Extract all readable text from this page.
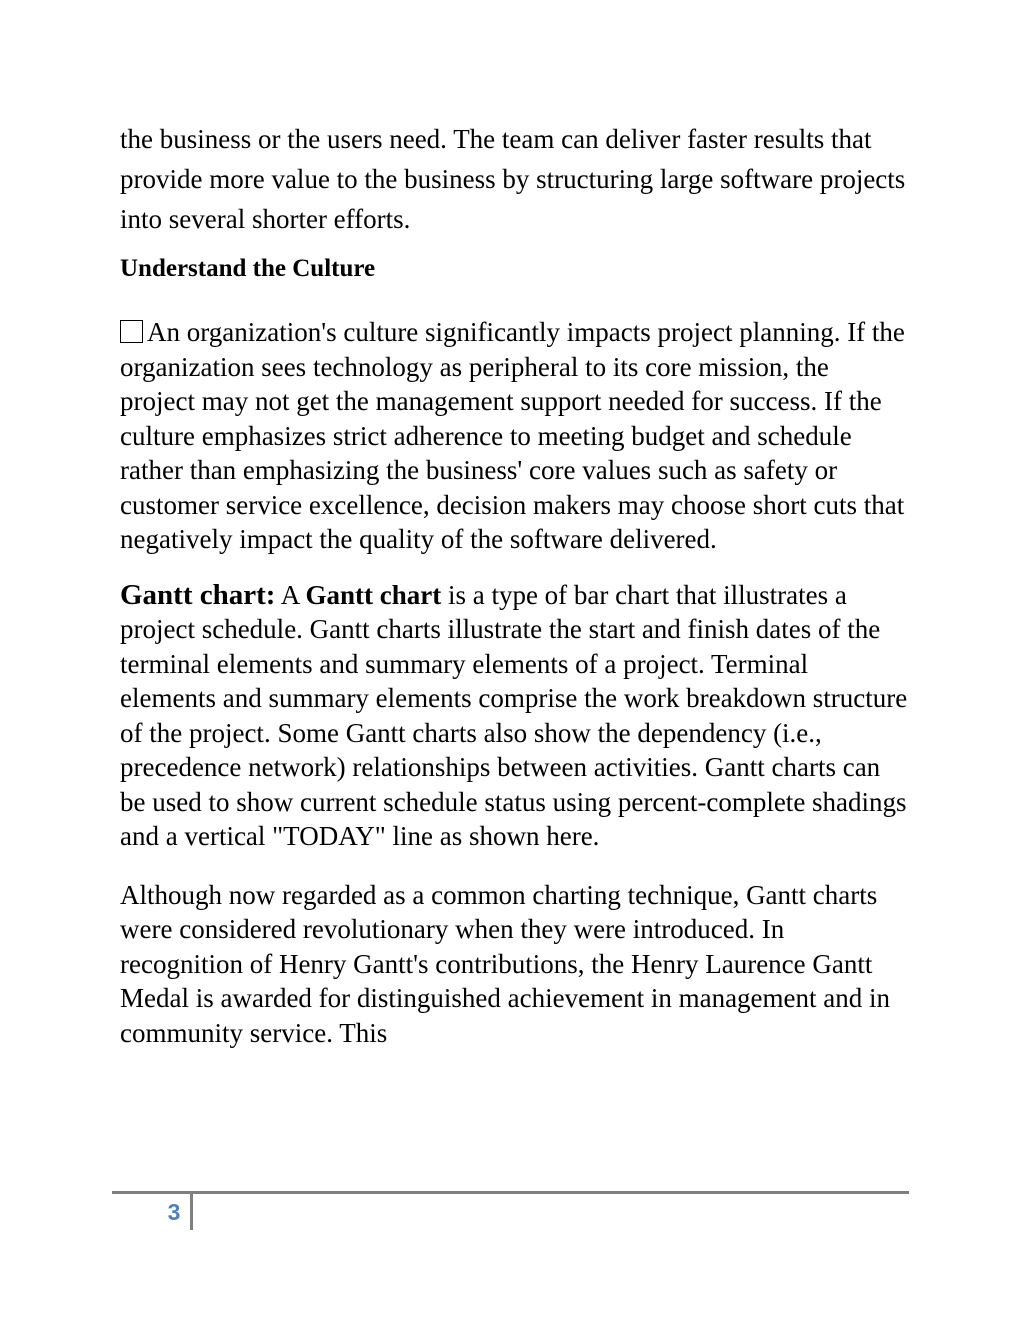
the business or the users need. The team can deliver faster results that provide more value to the business by structuring large software projects into several shorter efforts.

Understand the Culture

An organization's culture significantly impacts project planning. If the organization sees technology as peripheral to its core mission, the project may not get the management support needed for success. If the culture emphasizes strict adherence to meeting budget and schedule rather than emphasizing the business' core values such as safety or customer service excellence, decision makers may choose short cuts that negatively impact the quality of the software delivered.

Gantt chart: A Gantt chart is a type of bar chart that illustrates a project schedule. Gantt charts illustrate the start and finish dates of the terminal elements and summary elements of a project. Terminal elements and summary elements comprise the work breakdown structure of the project. Some Gantt charts also show the dependency (i.e., precedence network) relationships between activities. Gantt charts can be used to show current schedule status using percent-complete shadings and a vertical "TODAY" line as shown here.

Although now regarded as a common charting technique, Gantt charts were considered revolutionary when they were introduced. In recognition of Henry Gantt's contributions, the Henry Laurence Gantt Medal is awarded for distinguished achievement in management and in community service. This

3
